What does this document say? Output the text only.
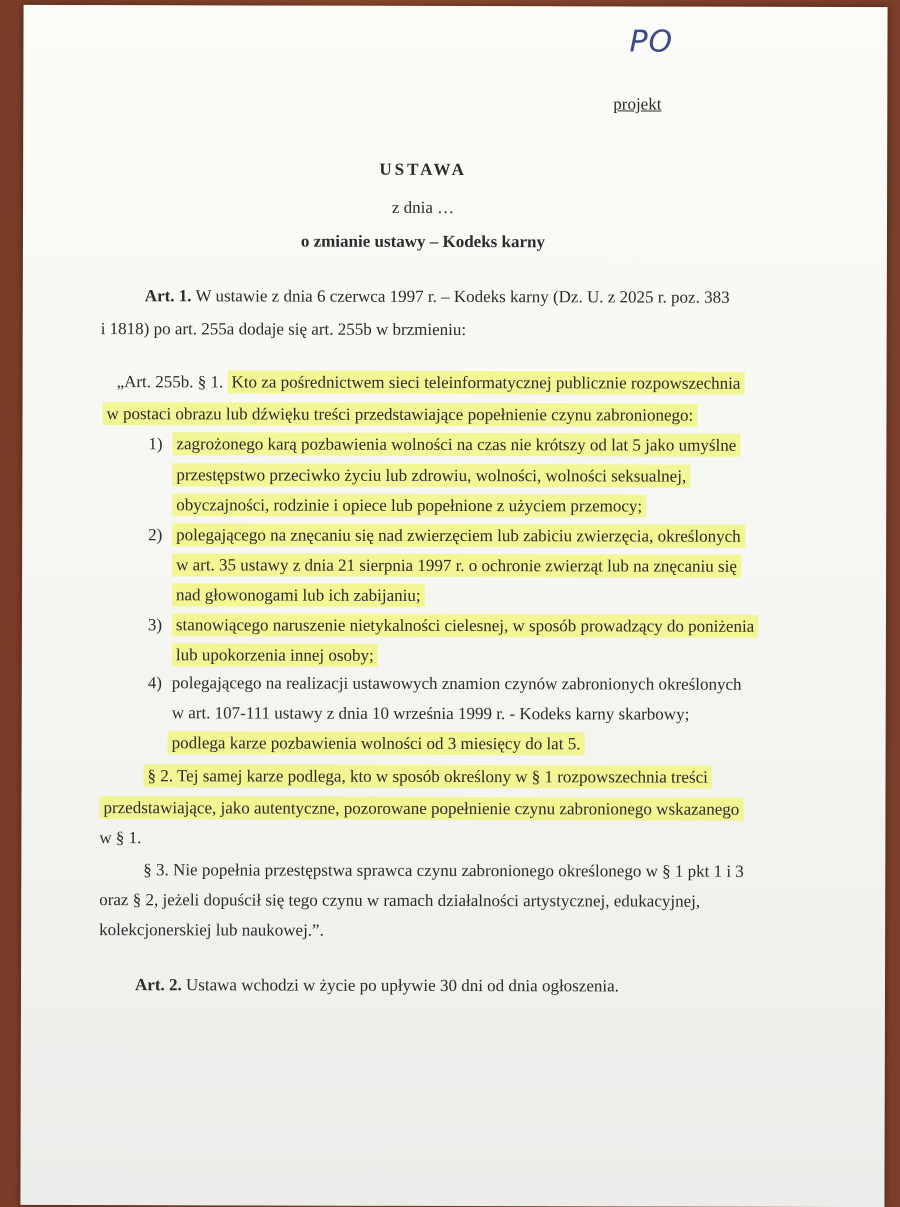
PO
projekt
USTAWA
z dnia …
o zmianie ustawy – Kodeks karny
Art. 1. W ustawie z dnia 6 czerwca 1997 r. – Kodeks karny (Dz. U. z 2025 r. poz. 383
i 1818) po art. 255a dodaje się art. 255b w brzmieniu:
„Art. 255b. § 1. Kto za pośrednictwem sieci teleinformatycznej publicznie rozpowszechnia
w postaci obrazu lub dźwięku treści przedstawiające popełnienie czynu zabronionego:
1) zagrożonego karą pozbawienia wolności na czas nie krótszy od lat 5 jako umyślne
przestępstwo przeciwko życiu lub zdrowiu, wolności, wolności seksualnej,
obyczajności, rodzinie i opiece lub popełnione z użyciem przemocy;
2) polegającego na znęcaniu się nad zwierzęciem lub zabiciu zwierzęcia, określonych
w art. 35 ustawy z dnia 21 sierpnia 1997 r. o ochronie zwierząt lub na znęcaniu się
nad głowonogami lub ich zabijaniu;
3) stanowiącego naruszenie nietykalności cielesnej, w sposób prowadzący do poniżenia
lub upokorzenia innej osoby;
4) polegającego na realizacji ustawowych znamion czynów zabronionych określonych
w art. 107-111 ustawy z dnia 10 września 1999 r. - Kodeks karny skarbowy;
podlega karze pozbawienia wolności od 3 miesięcy do lat 5.
§ 2. Tej samej karze podlega, kto w sposób określony w § 1 rozpowszechnia treści
przedstawiające, jako autentyczne, pozorowane popełnienie czynu zabronionego wskazanego
w § 1.
§ 3. Nie popełnia przestępstwa sprawca czynu zabronionego określonego w § 1 pkt 1 i 3
oraz § 2, jeżeli dopuścił się tego czynu w ramach działalności artystycznej, edukacyjnej,
kolekcjonerskiej lub naukowej.”.
Art. 2. Ustawa wchodzi w życie po upływie 30 dni od dnia ogłoszenia.
